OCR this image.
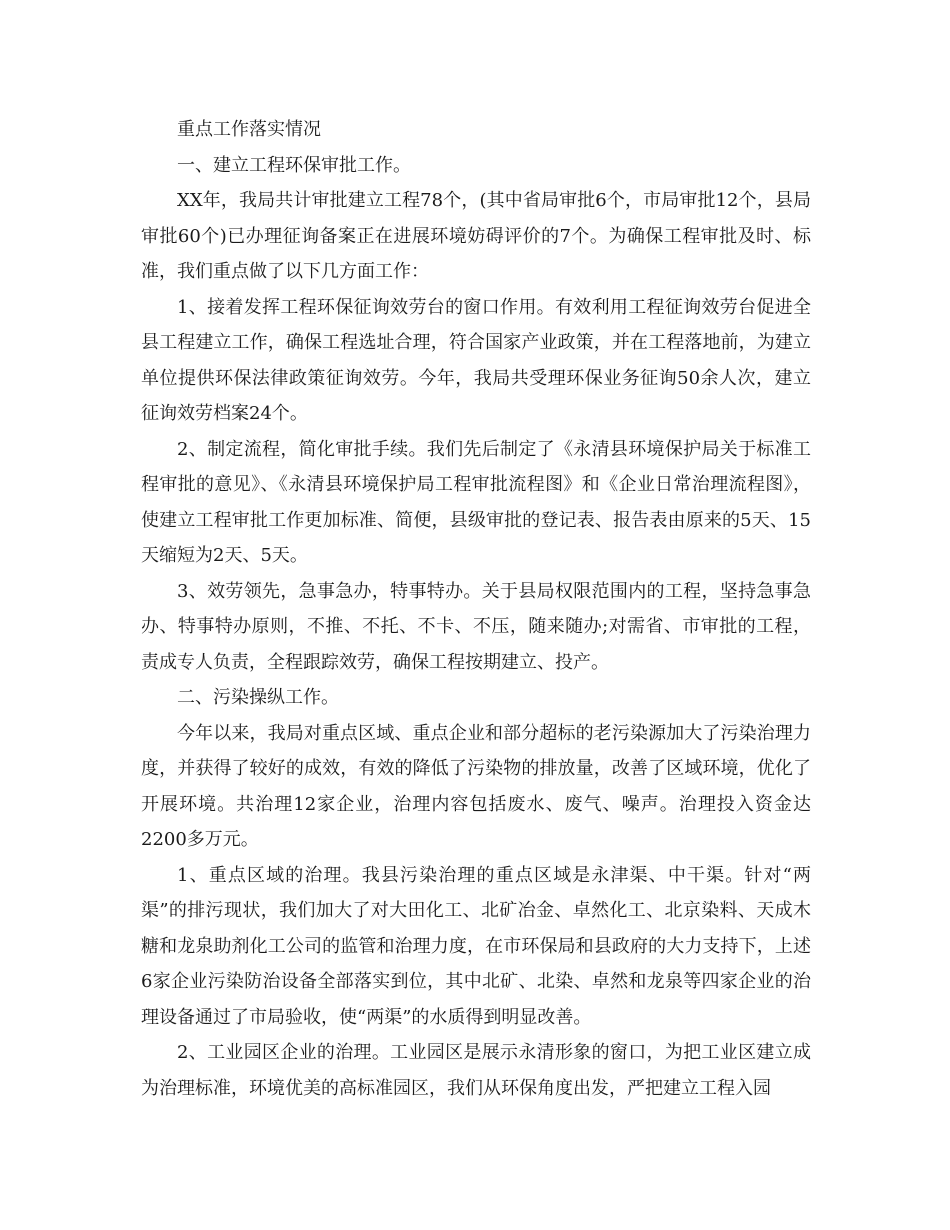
重点工作落实情况

一、建立工程环保审批工作。

XX年，我局共计审批建立工程78个，(其中省局审批6个，市局审批12个，县局审批60个)已办理征询备案正在进展环境妨碍评价的7个。为确保工程审批及时、标准，我们重点做了以下几方面工作：

1、接着发挥工程环保征询效劳台的窗口作用。有效利用工程征询效劳台促进全县工程建立工作，确保工程选址合理，符合国家产业政策，并在工程落地前，为建立单位提供环保法律政策征询效劳。今年，我局共受理环保业务征询50余人次，建立征询效劳档案24个。

2、制定流程，简化审批手续。我们先后制定了《永清县环境保护局关于标准工程审批的意见》、《永清县环境保护局工程审批流程图》和《企业日常治理流程图》，使建立工程审批工作更加标准、简便，县级审批的登记表、报告表由原来的5天、15天缩短为2天、5天。

3、效劳领先，急事急办，特事特办。关于县局权限范围内的工程，坚持急事急办、特事特办原则，不推、不托、不卡、不压，随来随办;对需省、市审批的工程，责成专人负责，全程跟踪效劳，确保工程按期建立、投产。

二、污染操纵工作。

今年以来，我局对重点区域、重点企业和部分超标的老污染源加大了污染治理力度，并获得了较好的成效，有效的降低了污染物的排放量，改善了区域环境，优化了开展环境。共治理12家企业，治理内容包括废水、废气、噪声。治理投入资金达2200多万元。

1、重点区域的治理。我县污染治理的重点区域是永津渠、中干渠。针对“两渠”的排污现状，我们加大了对大田化工、北矿冶金、卓然化工、北京染料、天成木糖和龙泉助剂化工公司的监管和治理力度，在市环保局和县政府的大力支持下，上述6家企业污染防治设备全部落实到位，其中北矿、北染、卓然和龙泉等四家企业的治理设备通过了市局验收，使“两渠”的水质得到明显改善。

2、工业园区企业的治理。工业园区是展示永清形象的窗口，为把工业区建立成为治理标准，环境优美的高标准园区，我们从环保角度出发，严把建立工程入园
